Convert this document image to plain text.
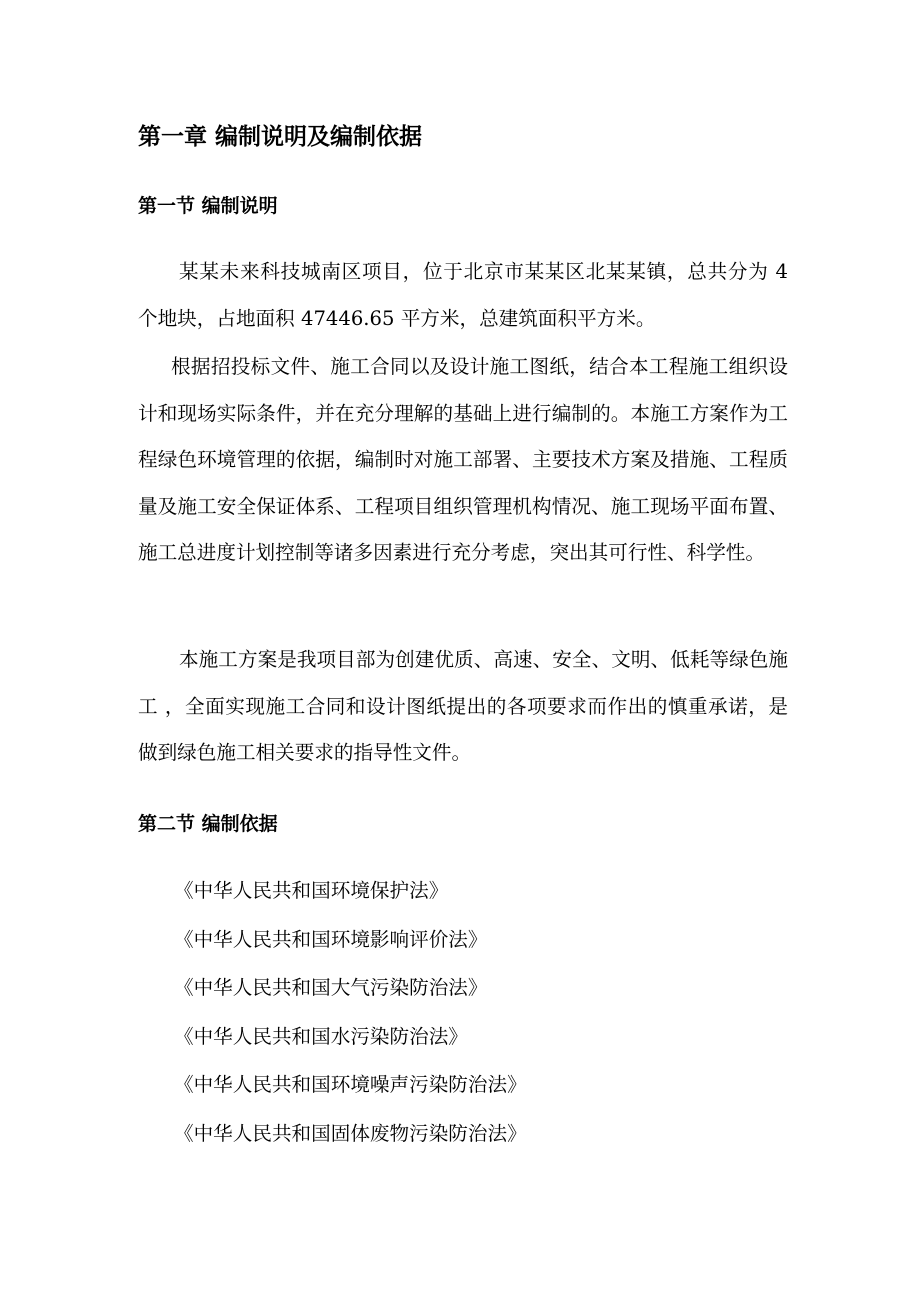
第一章 编制说明及编制依据
第一节 编制说明

某某未来科技城南区项目，位于北京市某某区北某某镇，总共分为 4 个地块，占地面积 47446.65 平方米，总建筑面积平方米。

根据招投标文件、施工合同以及设计施工图纸，结合本工程施工组织设计和现场实际条件，并在充分理解的基础上进行编制的。本施工方案作为工程绿色环境管理的依据，编制时对施工部署、主要技术方案及措施、工程质量及施工安全保证体系、工程项目组织管理机构情况、施工现场平面布置、施工总进度计划控制等诸多因素进行充分考虑，突出其可行性、科学性。

本施工方案是我项目部为创建优质、高速、安全、文明、低耗等绿色施工 ，全面实现施工合同和设计图纸提出的各项要求而作出的慎重承诺，是做到绿色施工相关要求的指导性文件。

第二节 编制依据
《中华人民共和国环境保护法》
《中华人民共和国环境影响评价法》
《中华人民共和国大气污染防治法》
《中华人民共和国水污染防治法》
《中华人民共和国环境噪声污染防治法》
《中华人民共和国固体废物污染防治法》
